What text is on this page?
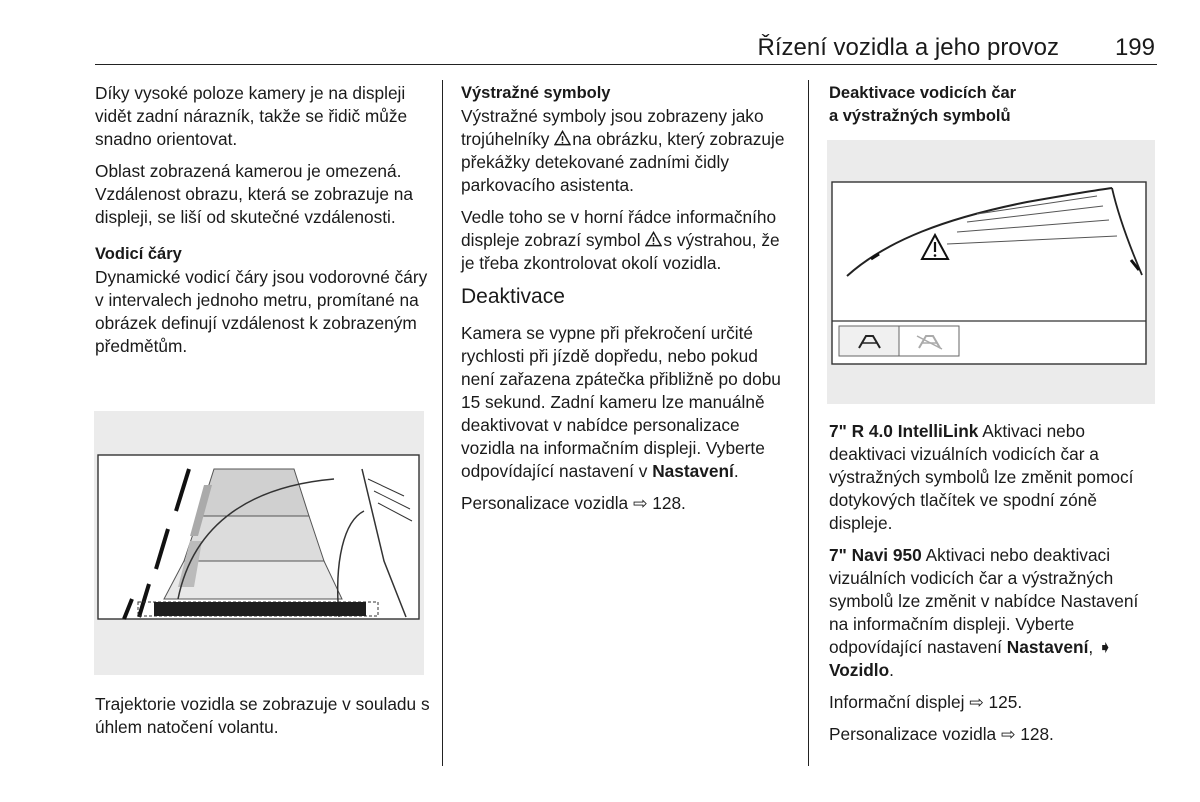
Řízení vozidla a jeho provoz 199

Díky vysoké poloze kamery je na displeji vidět zadní nárazník, takže se řidič může snadno orientovat.

Oblast zobrazená kamerou je omezená. Vzdálenost obrazu, která se zobrazuje na displeji, se liší od skutečné vzdálenosti.

Vodicí čáry

Dynamické vodicí čáry jsou vodorovné čáry v intervalech jednoho metru, promítané na obrázek definují vzdálenost k zobrazeným předmětům.

Trajektorie vozidla se zobrazuje v souladu s úhlem natočení volantu.

Výstražné symboly

Výstražné symboly jsou zobrazeny jako trojúhelníky na obrázku, který zobrazuje překážky detekované zadními čidly parkovacího asistenta.

Vedle toho se v horní řádce informačního displeje zobrazí symbol s výstrahou, že je třeba zkontrolovat okolí vozidla.

Deaktivace

Kamera se vypne při překročení určité rychlosti při jízdě dopředu, nebo pokud není zařazena zpátečka přibližně po dobu 15 sekund. Zadní kameru lze manuálně deaktivovat v nabídce personalizace vozidla na informačním displeji. Vyberte odpovídající nastavení v Nastavení.

Personalizace vozidla ⇨ 128.

Deaktivace vodicích čar
a výstražných symbolů

7" R 4.0 IntelliLink Aktivaci nebo deaktivaci vizuálních vodicích čar a výstražných symbolů lze změnit pomocí dotykových tlačítek ve spodní zóně displeje.

7" Navi 950 Aktivaci nebo deaktivaci vizuálních vodicích čar a výstražných symbolů lze změnit v nabídce Nastavení na informačním displeji. Vyberte odpovídající nastavení Nastavení, ➧ Vozidlo.

Informační displej ⇨ 125.

Personalizace vozidla ⇨ 128.
